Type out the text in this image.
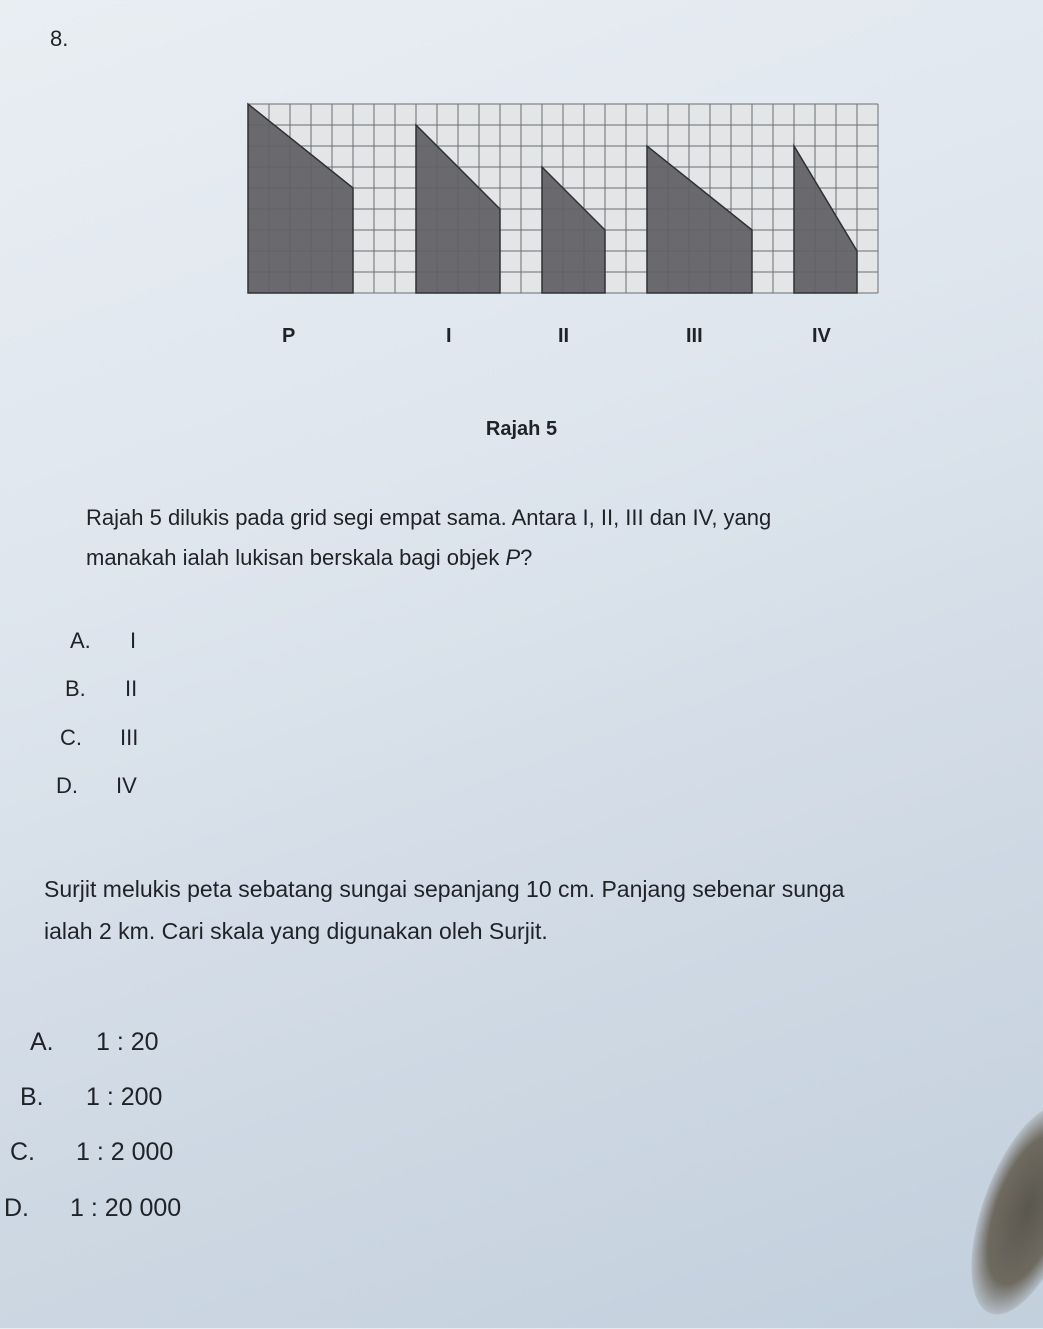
8.
P	I	II	III	IV
Rajah 5
Rajah 5 dilukis pada grid segi empat sama. Antara I, II, III dan IV, yang
manakah ialah lukisan berskala bagi objek P?
A. I
B. II
C. III
D. IV
Surjit melukis peta sebatang sungai sepanjang 10 cm. Panjang sebenar sunga
ialah 2 km. Cari skala yang digunakan oleh Surjit.
A. 1 : 20
B. 1 : 200
C. 1 : 2 000
D. 1 : 20 000
